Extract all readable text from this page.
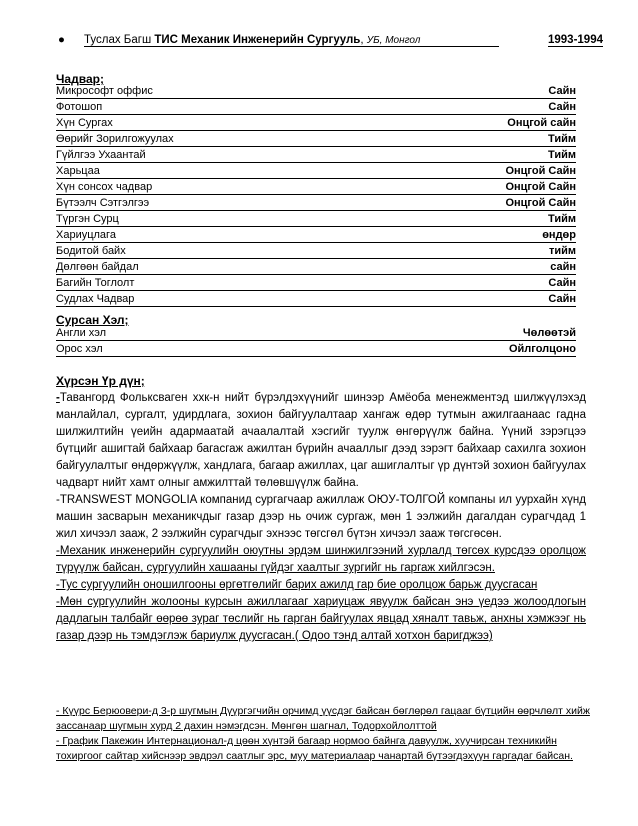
● Туслах Багш ТИС Механик Инженерийн Сургууль, УБ, Монгол	1993-1994
Чадвар;
Микрософт оффис	Сайн
Фотошоп	Сайн
Хүн Сургах	Онцгой сайн
Өөрийг Зорилгожуулах	Тийм
Гүйлгээ Ухаантай	Тийм
Харьцаа	Онцгой Сайн
Хүн сонсох чадвар	Онцгой Сайн
Бүтээлч Сэтгэлгээ	Онцгой Сайн
Түргэн Сурц	Тийм
Хариуцлага	өндөр
Бодитой байх	тийм
Дөлгөөн байдал	сайн
Багийн Тоглолт	Сайн
Судлах Чадвар	Сайн
Сурсан Хэл;
Англи хэл	Чөлөөтэй
Орос хэл	Ойлголцоно
Хүрсэн Үр дүн;

-Тавангорд Фольксваген ххк-н нийт бүрэлдэхүүнийг шинээр Амёоба менежментэд шилжүүлэхэд манлайлал, сургалт, удирдлага, зохион байгуулалтаар хангаж өдөр тутмын ажилгаанаас гадна шилжилтийн үеийн адармаатай ачаалалтай хэсгийг туулж өнгөрүүлж байна. Үүний зэрэгцээ бүтцийг ашигтай байхаар багасгаж ажилтан бүрийн ачааллыг дээд зэрэгт байхаар сахилга зохион байгуулалтыг өндөржүүлж, хандлага, багаар ажиллах, цаг ашиглалтыг үр дүнтэй зохион байгуулах чадварт нийт хамт олныг амжилттай төлөвшүүлж байна.

-TRANSWEST MONGOLIA компанид сургагчаар ажиллаж ОЮУ-ТОЛГОЙ компаны ил уурхайн хүнд машин засварын механикчдыг газар дээр нь очиж сургаж, мөн 1 ээлжийн дагалдан сурагчдад 1 жил хичээл зааж, 2 ээлжийн сурагчдыг эхнээс төгсгөл бүтэн хичээл зааж төгсгөсөн.

-Механик инженерийн сургуулийн оюутны эрдэм шинжилгээний хурлалд төгсөх курсдээ оролцож түрүүлж байсан, сургуулийн хашааны гүйдэг хаалтыг зургийг нь гаргаж хийлгэсэн.

-Тус сургуулийн оношилгооны өргөтгөлийг барих ажилд гар бие оролцож барьж дуусгасан

-Мөн сургуулийн жолооны курсын ажиллагааг хариуцаж явуулж байсан энэ үедээ жолоодлогын дадлагын талбайг өөрөө зураг төслийг нь гарган байгуулах явцад хяналт тавьж, анхны хэмжээг нь газар дээр нь тэмдэглэж бариулж дуусгасан.( Одоо тэнд алтай хотхон баригджээ)

- Күүрс Берюовери-д 3-р шугмын Дүүргэгчийн орчимд үүсдэг байсан бөглөрөл гацааг бүтцийн өөрчлөлт хийж зассанаар шугмын хурд 2 дахин нэмэгдсэн. Мөнгөн шагнал, Тодорхойлолттой

- График Пакежин Интернационал-д цөөн хүнтэй багаар нормоо байнга давуулж, хуучирсан техникийн тохиргоог сайтар хийснээр эвдрэл саатлыг эрс, муу материалаар чанартай бүтээгдэхүүн гаргадаг байсан.
